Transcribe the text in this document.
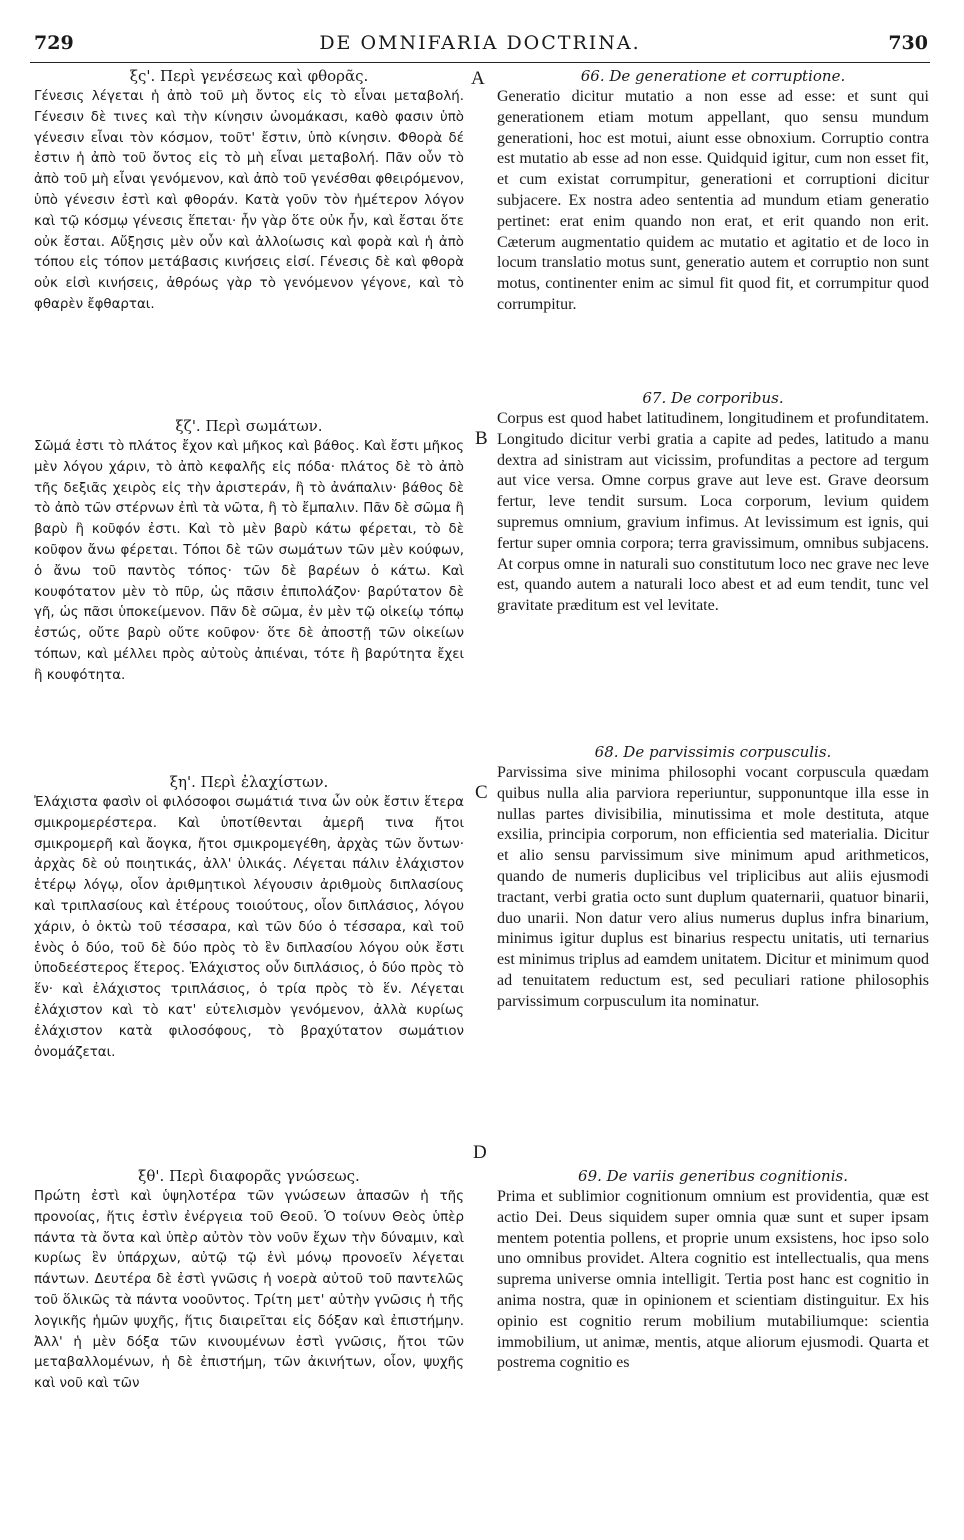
729	DE OMNIFARIA DOCTRINA.	730
A
B
C
D
ξς'. Περὶ γενέσεως καὶ φθορᾶς.
Γένεσις λέγεται ἡ ἀπὸ τοῦ μὴ ὄντος εἰς τὸ εἶναι μεταβολή. Γένεσιν δὲ τινες καὶ τὴν κίνησιν ὠνομάκασι, καθὸ φασιν ὑπὸ γένεσιν εἶναι τὸν κόσμον, τοῦτ' ἔστιν, ὑπὸ κίνησιν. Φθορὰ δέ ἐστιν ἡ ἀπὸ τοῦ ὄντος εἰς τὸ μὴ εἶναι μεταβολή. Πᾶν οὖν τὸ ἀπὸ τοῦ μὴ εἶναι γενόμενον, καὶ ἀπὸ τοῦ γενέσθαι φθειρόμενον, ὑπὸ γένεσιν ἐστὶ καὶ φθοράν. Κατὰ γοῦν τὸν ἡμέτερον λόγον καὶ τῷ κόσμῳ γένεσις ἕπεται· ἦν γὰρ ὅτε οὐκ ἦν, καὶ ἔσται ὅτε οὐκ ἔσται. Αὔξησις μὲν οὖν καὶ ἀλλοίωσις καὶ φορὰ καὶ ἡ ἀπὸ τόπου εἰς τόπον μετάβασις κινήσεις εἰσί. Γένεσις δὲ καὶ φθορὰ οὐκ εἰσὶ κινήσεις, ἀθρόως γὰρ τὸ γενόμενον γέγονε, καὶ τὸ φθαρὲν ἔφθαρται.
ξζ'. Περὶ σωμάτων.
Σῶμά ἐστι τὸ πλάτος ἔχον καὶ μῆκος καὶ βάθος. Καὶ ἔστι μῆκος μὲν λόγου χάριν, τὸ ἀπὸ κεφαλῆς εἰς πόδα· πλάτος δὲ τὸ ἀπὸ τῆς δεξιᾶς χειρὸς εἰς τὴν ἀριστεράν, ἢ τὸ ἀνάπαλιν· βάθος δὲ τὸ ἀπὸ τῶν στέρνων ἐπὶ τὰ νῶτα, ἢ τὸ ἔμπαλιν. Πᾶν δὲ σῶμα ἢ βαρὺ ἢ κοῦφόν ἐστι. Καὶ τὸ μὲν βαρὺ κάτω φέρεται, τὸ δὲ κοῦφον ἄνω φέρεται. Τόποι δὲ τῶν σωμάτων τῶν μὲν κούφων, ὁ ἄνω τοῦ παντὸς τόπος· τῶν δὲ βαρέων ὁ κάτω. Καὶ κουφότατον μὲν τὸ πῦρ, ὡς πᾶσιν ἐπιπολάζον· βαρύτατον δὲ γῆ, ὡς πᾶσι ὑποκείμενον. Πᾶν δὲ σῶμα, ἐν μὲν τῷ οἰκείῳ τόπῳ ἐστώς, οὔτε βαρὺ οὔτε κοῦφον· ὅτε δὲ ἀποστῇ τῶν οἰκείων τόπων, καὶ μέλλει πρὸς αὐτοὺς ἀπιέναι, τότε ἢ βαρύτητα ἔχει ἢ κουφότητα.
ξη'. Περὶ ἐλαχίστων.
Ἐλάχιστα φασὶν οἱ φιλόσοφοι σωμάτιά τινα ὧν οὐκ ἔστιν ἕτερα σμικρομερέστερα. Καὶ ὑποτίθενται ἀμερῆ τινα ἤτοι σμικρομερῆ καὶ ἄογκα, ἤτοι σμικρομεγέθη, ἀρχὰς τῶν ὄντων· ἀρχὰς δὲ οὐ ποιητικάς, ἀλλ' ὑλικάς. Λέγεται πάλιν ἐλάχιστον ἑτέρῳ λόγῳ, οἷον ἀριθμητικοὶ λέγουσιν ἀριθμοὺς διπλασίους καὶ τριπλασίους καὶ ἑτέρους τοιούτους, οἷον διπλάσιος, λόγου χάριν, ὁ ὀκτὼ τοῦ τέσσαρα, καὶ τῶν δύο ὁ τέσσαρα, καὶ τοῦ ἑνὸς ὁ δύο, τοῦ δὲ δύο πρὸς τὸ ἓν διπλασίου λόγου οὐκ ἔστι ὑποδεέστερος ἕτερος. Ἐλάχιστος οὖν διπλάσιος, ὁ δύο πρὸς τὸ ἕν· καὶ ἐλάχιστος τριπλάσιος, ὁ τρία πρὸς τὸ ἕν. Λέγεται ἐλάχιστον καὶ τὸ κατ' εὐτελισμὸν γενόμενον, ἀλλὰ κυρίως ἐλάχιστον κατὰ φιλοσόφους, τὸ βραχύτατον σωμάτιον ὀνομάζεται.
ξθ'. Περὶ διαφορᾶς γνώσεως.
Πρώτη ἐστὶ καὶ ὑψηλοτέρα τῶν γνώσεων ἁπασῶν ἡ τῆς προνοίας, ἥτις ἐστὶν ἐνέργεια τοῦ Θεοῦ. Ὁ τοίνυν Θεὸς ὑπὲρ πάντα τὰ ὄντα καὶ ὑπὲρ αὐτὸν τὸν νοῦν ἔχων τὴν δύναμιν, καὶ κυρίως ἓν ὑπάρχων, αὐτῷ τῷ ἑνὶ μόνῳ προνοεῖν λέγεται πάντων. Δευτέρα δὲ ἐστὶ γνῶσις ἡ νοερὰ αὐτοῦ τοῦ παντελῶς τοῦ ὅλικῶς τὰ πάντα νοοῦντος. Τρίτη μετ' αὐτὴν γνῶσις ἡ τῆς λογικῆς ἡμῶν ψυχῆς, ἥτις διαιρεῖται εἰς δόξαν καὶ ἐπιστήμην. Ἀλλ' ἡ μὲν δόξα τῶν κινουμένων ἐστὶ γνῶσις, ἤτοι τῶν μεταβαλλομένων, ἡ δὲ ἐπιστήμη, τῶν ἀκινήτων, οἷον, ψυχῆς καὶ νοῦ καὶ τῶν
66. De generatione et corruptione.
Generatio dicitur mutatio a non esse ad esse: et sunt qui generationem etiam motum appellant, quo sensu mundum generationi, hoc est motui, aiunt esse obnoxium. Corruptio contra est mutatio ab esse ad non esse. Quidquid igitur, cum non esset fit, et cum existat corrumpitur, generationi et corruptioni dicitur subjacere. Ex nostra adeo sententia ad mundum etiam generatio pertinet: erat enim quando non erat, et erit quando non erit. Cæterum augmentatio quidem ac mutatio et agitatio et de loco in locum translatio motus sunt, generatio autem et corruptio non sunt motus, continenter enim ac simul fit quod fit, et corrumpitur quod corrumpitur.
67. De corporibus.
Corpus est quod habet latitudinem, longitudinem et profunditatem. Longitudo dicitur verbi gratia a capite ad pedes, latitudo a manu dextra ad sinistram aut vicissim, profunditas a pectore ad tergum aut vice versa. Omne corpus grave aut leve est. Grave deorsum fertur, leve tendit sursum. Loca corporum, levium quidem supremus omnium, gravium infimus. At levissimum est ignis, qui fertur super omnia corpora; terra gravissimum, omnibus subjacens. At corpus omne in naturali suo constitutum loco nec grave nec leve est, quando autem a naturali loco abest et ad eum tendit, tunc vel gravitate præditum est vel levitate.
68. De parvissimis corpusculis.
Parvissima sive minima philosophi vocant corpuscula quædam quibus nulla alia parviora reperiuntur, supponuntque illa esse in nullas partes divisibilia, minutissima et mole destituta, atque exsilia, principia corporum, non efficientia sed materialia. Dicitur et alio sensu parvissimum sive minimum apud arithmeticos, quando de numeris duplicibus vel triplicibus aut aliis ejusmodi tractant, verbi gratia octo sunt duplum quaternarii, quatuor binarii, duo unarii. Non datur vero alius numerus duplus infra binarium, minimus igitur duplus est binarius respectu unitatis, uti ternarius est minimus triplus ad eamdem unitatem. Dicitur et minimum quod ad tenuitatem reductum est, sed peculiari ratione philosophis parvissimum corpusculum ita nominatur.
69. De variis generibus cognitionis.
Prima et sublimior cognitionum omnium est providentia, quæ est actio Dei. Deus siquidem super omnia quæ sunt et super ipsam mentem potentia pollens, et proprie unum exsistens, hoc ipso solo uno omnibus providet. Altera cognitio est intellectualis, qua mens suprema universe omnia intelligit. Tertia post hanc est cognitio in anima nostra, quæ in opinionem et scientiam distinguitur. Ex his opinio est cognitio rerum mobilium mutabiliumque: scientia immobilium, ut animæ, mentis, atque aliorum ejusmodi. Quarta et postrema cognitio es
